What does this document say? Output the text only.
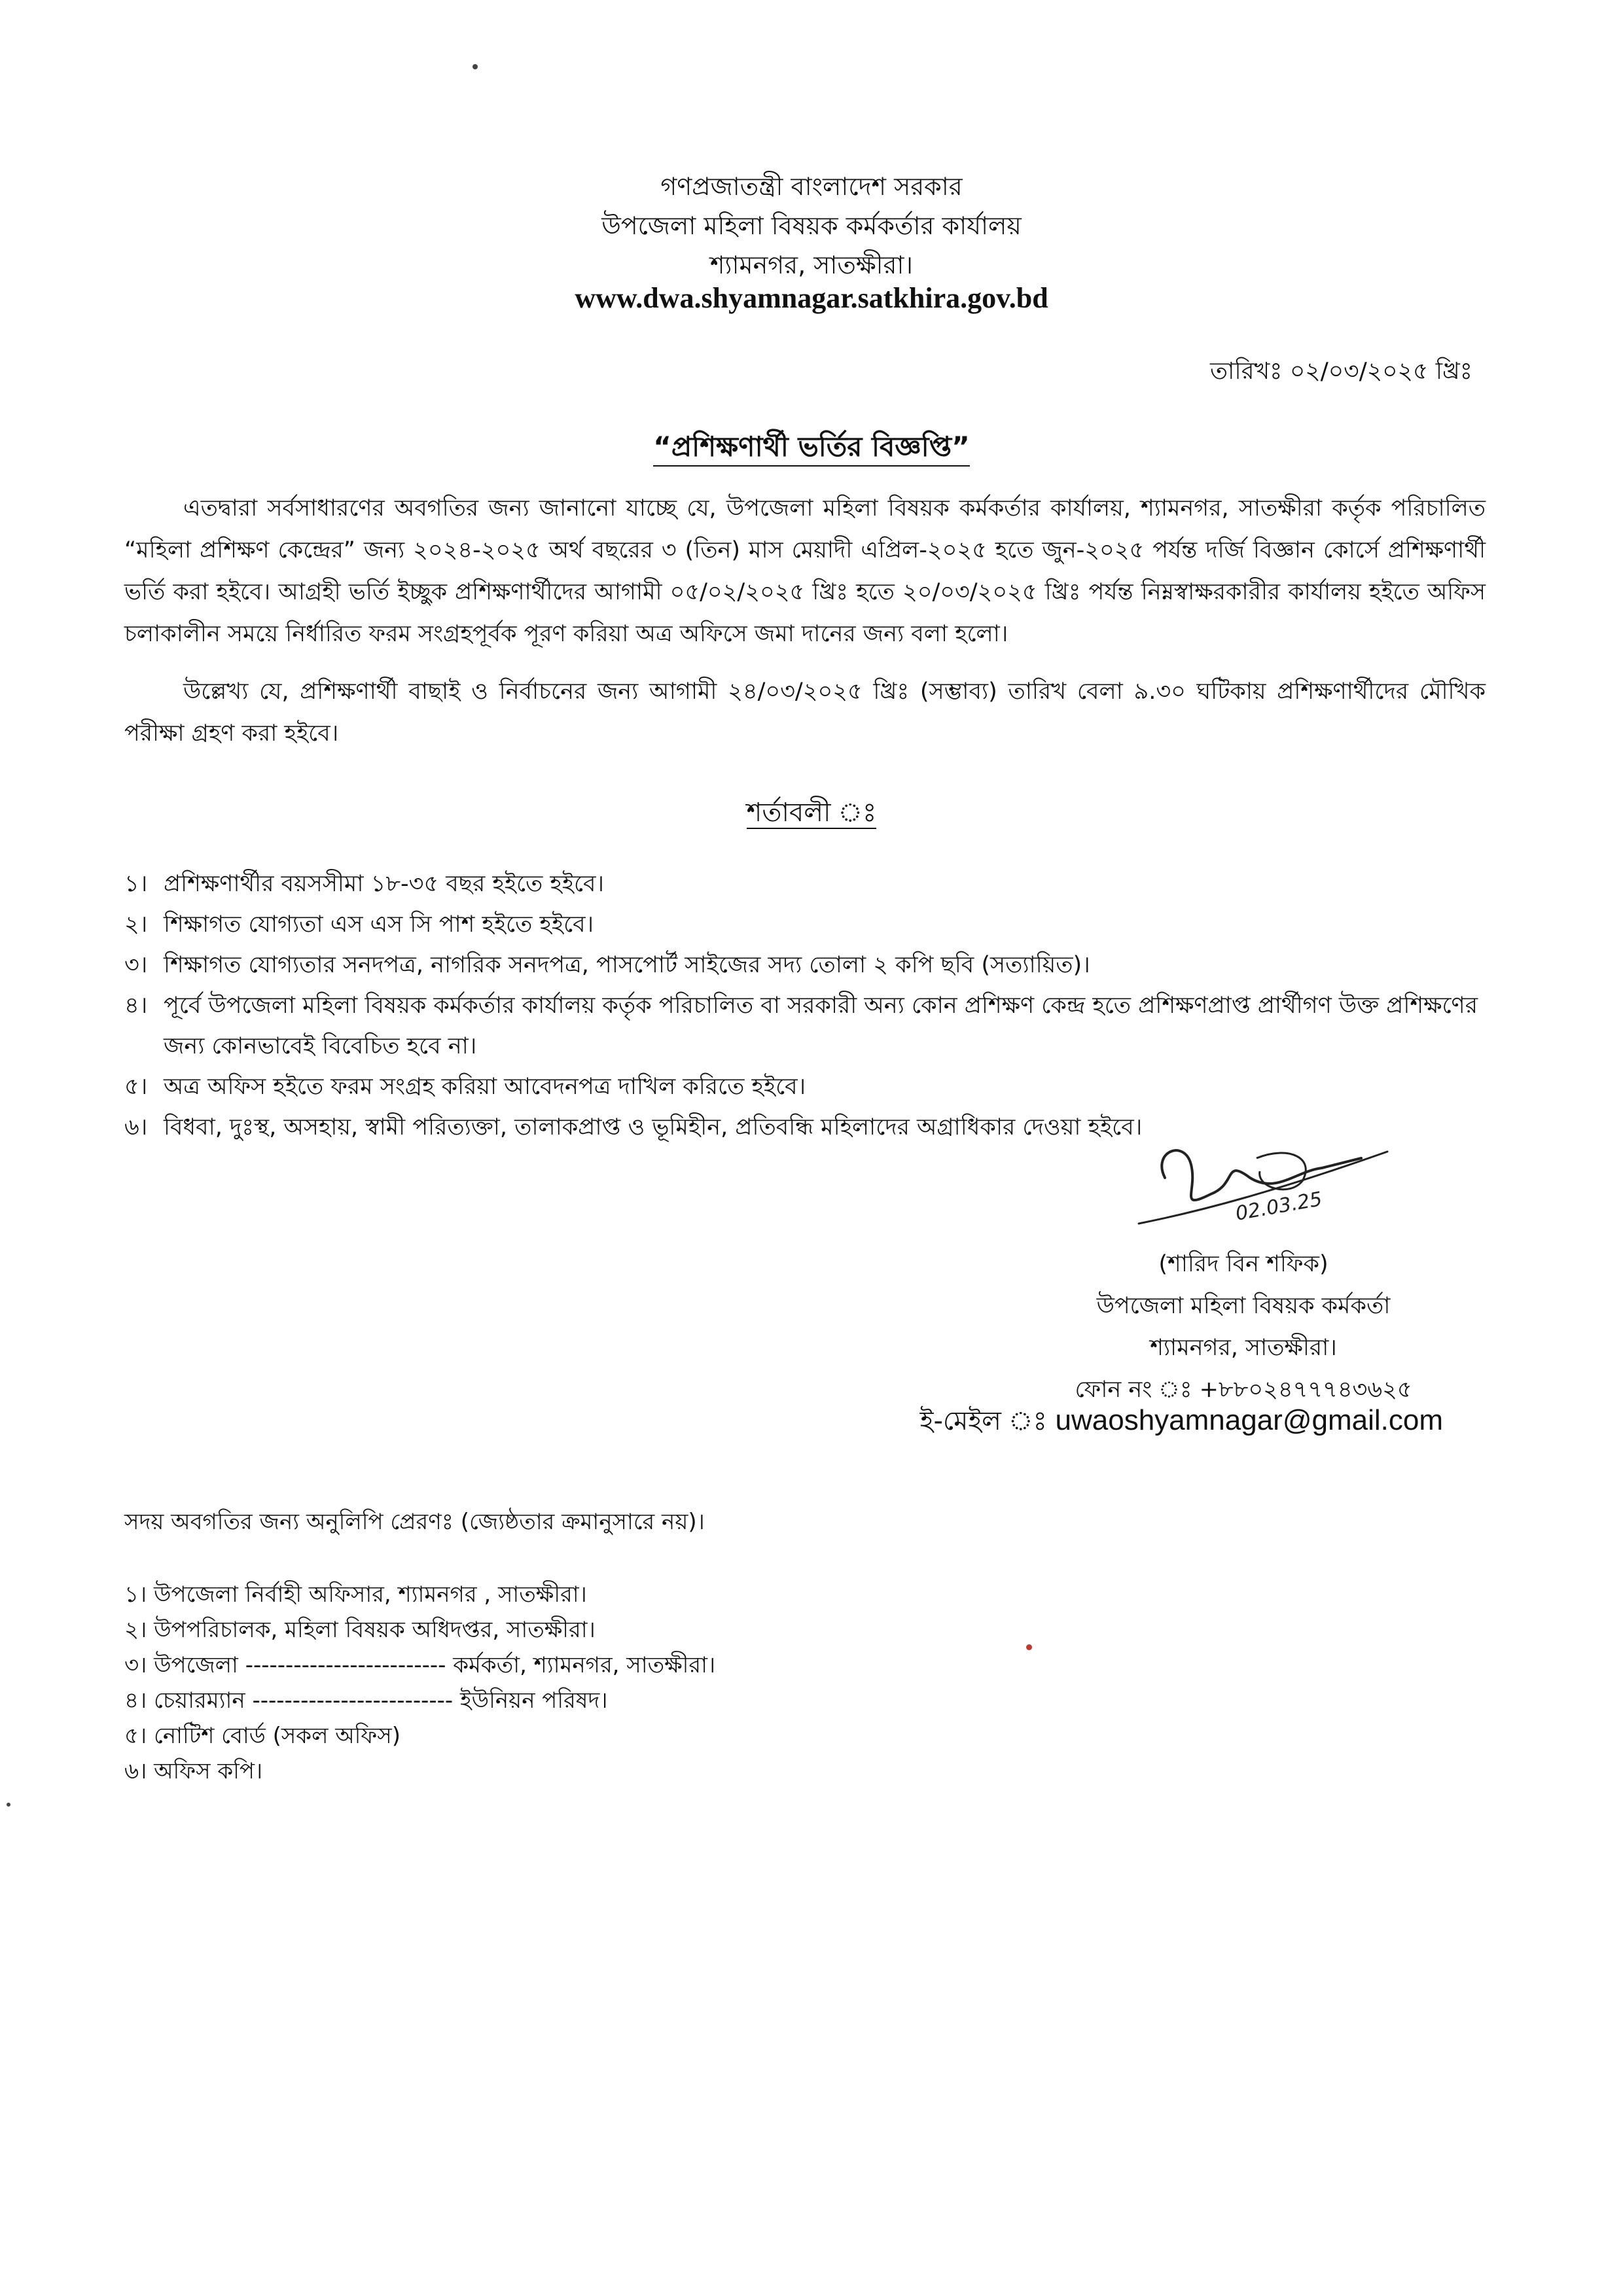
গণপ্রজাতন্ত্রী বাংলাদেশ সরকার
উপজেলা মহিলা বিষয়ক কর্মকর্তার কার্যালয়
শ্যামনগর, সাতক্ষীরা।
www.dwa.shyamnagar.satkhira.gov.bd
তারিখঃ ০২/০৩/২০২৫ খ্রিঃ
“প্রশিক্ষণার্থী ভর্তির বিজ্ঞপ্তি”

এতদ্বারা সর্বসাধারণের অবগতির জন্য জানানো যাচ্ছে যে, উপজেলা মহিলা বিষয়ক কর্মকর্তার কার্যালয়, শ্যামনগর, সাতক্ষীরা কর্তৃক পরিচালিত “মহিলা প্রশিক্ষণ কেন্দ্রের” জন্য ২০২৪-২০২৫ অর্থ বছরের ৩ (তিন) মাস মেয়াদী এপ্রিল-২০২৫ হতে জুন-২০২৫ পর্যন্ত দর্জি বিজ্ঞান কোর্সে প্রশিক্ষণার্থী ভর্তি করা হইবে। আগ্রহী ভর্তি ইচ্ছুক প্রশিক্ষণার্থীদের আগামী ০৫/০২/২০২৫ খ্রিঃ হতে ২০/০৩/২০২৫ খ্রিঃ পর্যন্ত নিম্নস্বাক্ষরকারীর কার্যালয় হইতে অফিস চলাকালীন সময়ে নির্ধারিত ফরম সংগ্রহপূর্বক পূরণ করিয়া অত্র অফিসে জমা দানের জন্য বলা হলো।

উল্লেখ্য যে, প্রশিক্ষণার্থী বাছাই ও নির্বাচনের জন্য আগামী ২৪/০৩/২০২৫ খ্রিঃ (সম্ভাব্য) তারিখ বেলা ৯.৩০ ঘটিকায় প্রশিক্ষণার্থীদের মৌখিক পরীক্ষা গ্রহণ করা হইবে।

শর্তাবলী ঃ
১। প্রশিক্ষণার্থীর বয়সসীমা ১৮-৩৫ বছর হইতে হইবে।
২। শিক্ষাগত যোগ্যতা এস এস সি পাশ হইতে হইবে।
৩। শিক্ষাগত যোগ্যতার সনদপত্র, নাগরিক সনদপত্র, পাসপোর্ট সাইজের সদ্য তোলা ২ কপি ছবি (সত্যায়িত)।
৪। পূর্বে উপজেলা মহিলা বিষয়ক কর্মকর্তার কার্যালয় কর্তৃক পরিচালিত বা সরকারী অন্য কোন প্রশিক্ষণ কেন্দ্র হতে প্রশিক্ষণপ্রাপ্ত প্রার্থীগণ উক্ত প্রশিক্ষণের জন্য কোনভাবেই বিবেচিত হবে না।
৫। অত্র অফিস হইতে ফরম সংগ্রহ করিয়া আবেদনপত্র দাখিল করিতে হইবে।
৬। বিধবা, দুঃস্থ, অসহায়, স্বামী পরিত্যক্তা, তালাকপ্রাপ্ত ও ভূমিহীন, প্রতিবন্ধি মহিলাদের অগ্রাধিকার দেওয়া হইবে।
02.03.25
(শারিদ বিন শফিক)
উপজেলা মহিলা বিষয়ক কর্মকর্তা
শ্যামনগর, সাতক্ষীরা।
ফোন নং ঃ +৮৮০২৪৭৭৭৪৩৬২৫
ই-মেইল ঃ uwaoshyamnagar@gmail.com
সদয় অবগতির জন্য অনুলিপি প্রেরণঃ (জ্যেষ্ঠতার ক্রমানুসারে নয়)।
১। উপজেলা নির্বাহী অফিসার, শ্যামনগর , সাতক্ষীরা।
২। উপপরিচালক, মহিলা বিষয়ক অধিদপ্তর, সাতক্ষীরা।
৩। উপজেলা ------------------------- কর্মকর্তা, শ্যামনগর, সাতক্ষীরা।
৪। চেয়ারম্যান ------------------------- ইউনিয়ন পরিষদ।
৫। নোটিশ বোর্ড (সকল অফিস)
৬। অফিস কপি।
